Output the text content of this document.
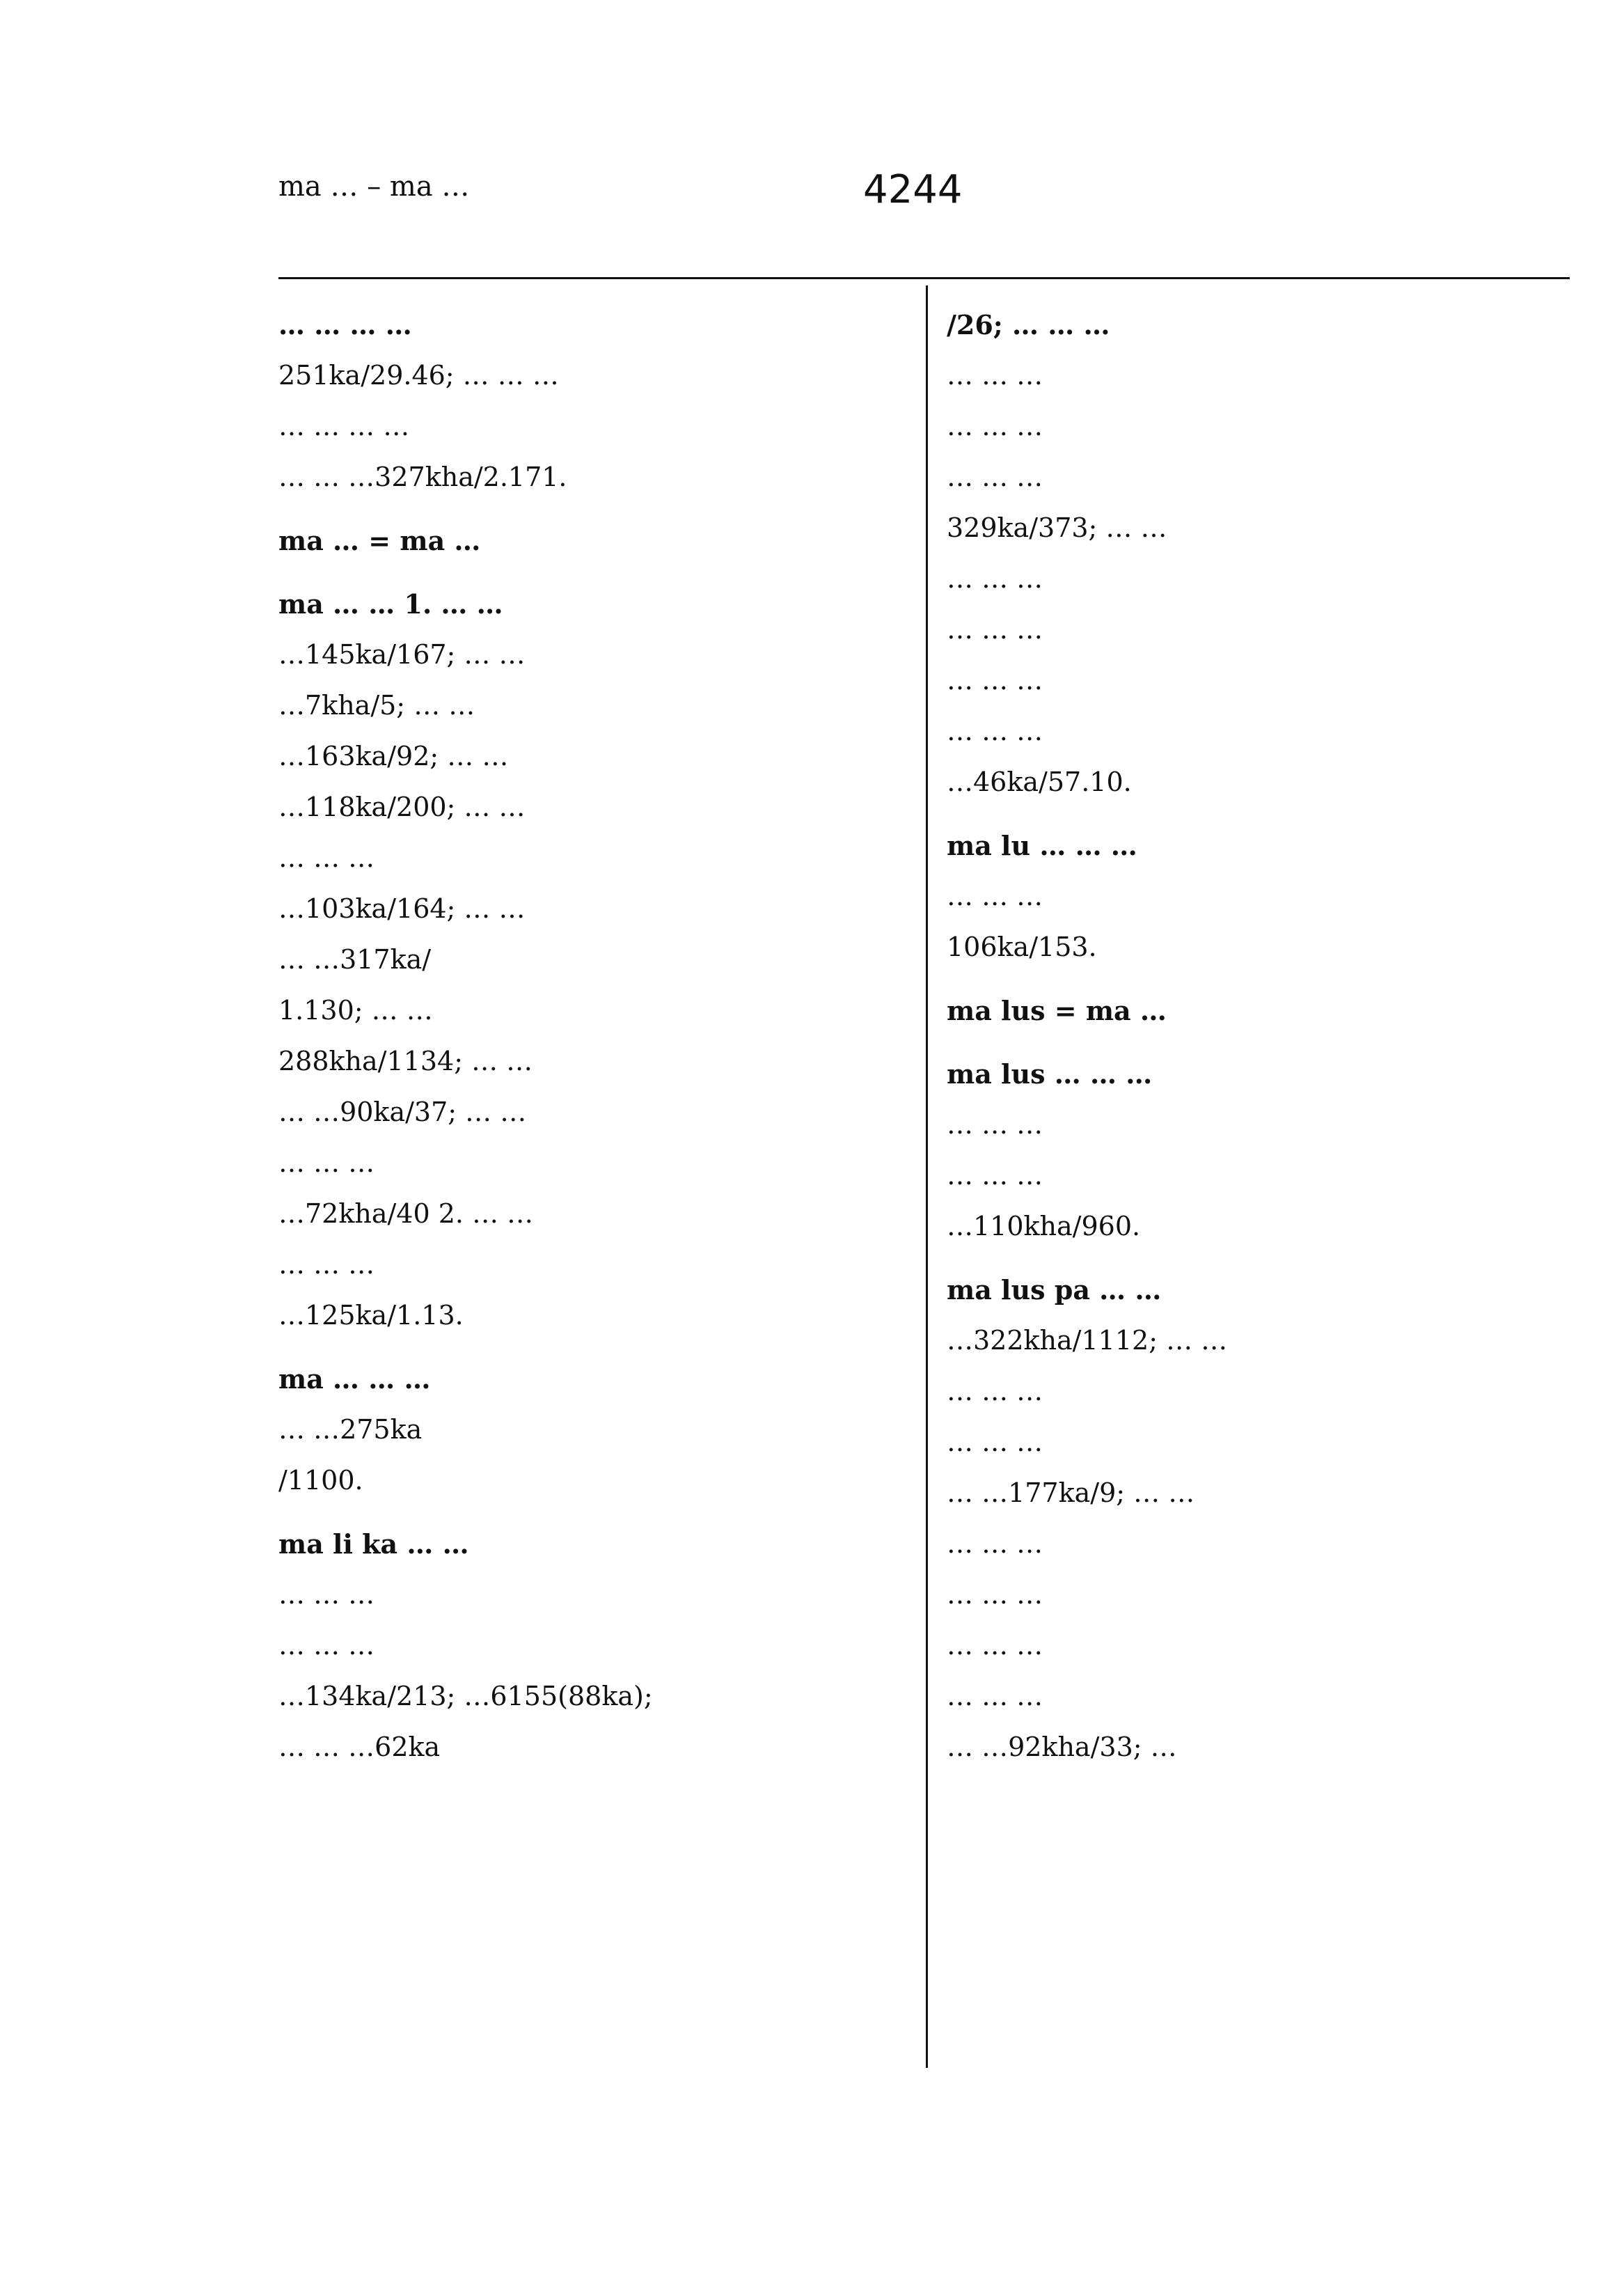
ma … – ma …	4244
… … … …
251ka/29.46; … … …
… … … …
… … …327kha/2.171.
ma … = ma …
ma … … 1. … …
…145ka/167; … …
…7kha/5; … …
…163ka/92; … …
…118ka/200; … …
… … …
…103ka/164; … …
… …317ka/
1.130; … …
288kha/1134; … …
… …90ka/37; … …
… … …
…72kha/40 2. … …
… … …
…125ka/1.13.
ma … … …
… …275ka
/1100.
ma li ka … …
… … …
… … …
…134ka/213; …6155(88ka);
… … …62ka
/26; … … …
… … …
… … …
… … …
329ka/373; … …
… … …
… … …
… … …
… … …
…46ka/57.10.
ma lu … … …
… … …
106ka/153.
ma lus = ma …
ma lus … … …
… … …
… … …
…110kha/960.
ma lus pa … …
…322kha/1112; … …
… … …
… … …
… …177ka/9; … …
… … …
… … …
… … …
… … …
… …92kha/33; …
